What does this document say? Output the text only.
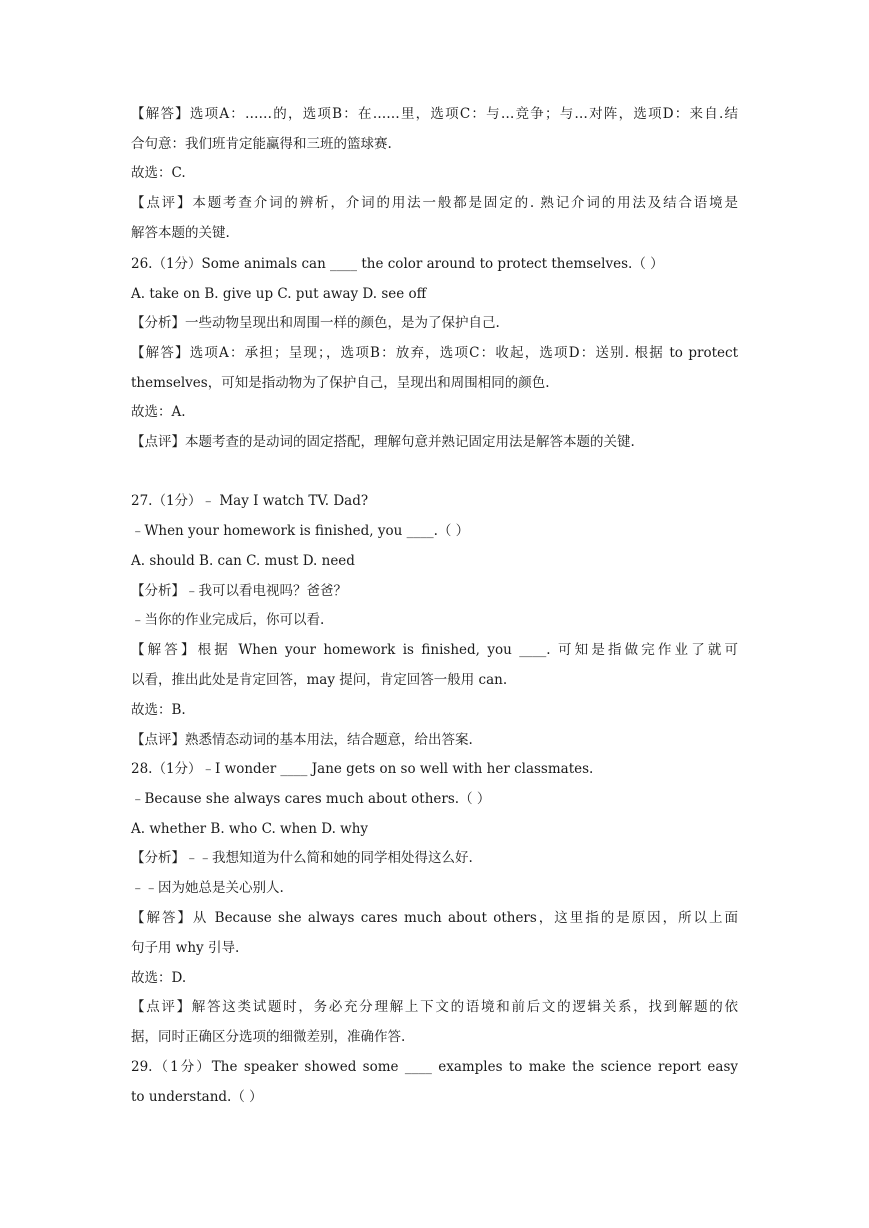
【解答】选项A：……的，选项B：在……里，选项C：与…竞争；与…对阵，选项D：来自.结
合句意：我们班肯定能赢得和三班的篮球赛.
故选：C.
【点评】本题考查介词的辨析，介词的用法一般都是固定的. 熟记介词的用法及结合语境是
解答本题的关键.
26.（1分）Some animals can ____ the color around to protect themselves.（ ）
A. take on B. give up C. put away D. see off
【分析】一些动物呈现出和周围一样的颜色，是为了保护自己.
【解答】选项A：承担；呈现；，选项B：放弃，选项C：收起，选项D：送别. 根据 to protect
themselves，可知是指动物为了保护自己，呈现出和周围相同的颜色.
故选：A.
【点评】本题考查的是动词的固定搭配，理解句意并熟记固定用法是解答本题的关键.
27.（1分）﹣ May I watch TV. Dad?
﹣When your homework is finished, you ____.（ ）
A. should B. can C. must D. need
【分析】﹣我可以看电视吗？爸爸？
﹣当你的作业完成后，你可以看.
【解答】根据 When your homework is finished, you ____. 可知是指做完作业了就可
以看，推出此处是肯定回答，may 提问，肯定回答一般用 can.
故选：B.
【点评】熟悉情态动词的基本用法，结合题意，给出答案.
28.（1分）﹣I wonder ____ Jane gets on so well with her classmates.
﹣Because she always cares much about others.（ ）
A. whether B. who C. when D. why
【分析】﹣﹣我想知道为什么简和她的同学相处得这么好.
﹣﹣因为她总是关心别人.
【解答】从 Because she always cares much about others，这里指的是原因，所以上面
句子用 why 引导.
故选：D.
【点评】解答这类试题时，务必充分理解上下文的语境和前后文的逻辑关系，找到解题的依
据，同时正确区分选项的细微差别，准确作答.
29.（1分）The speaker showed some ____ examples to make the science report easy
to understand.（ ）
